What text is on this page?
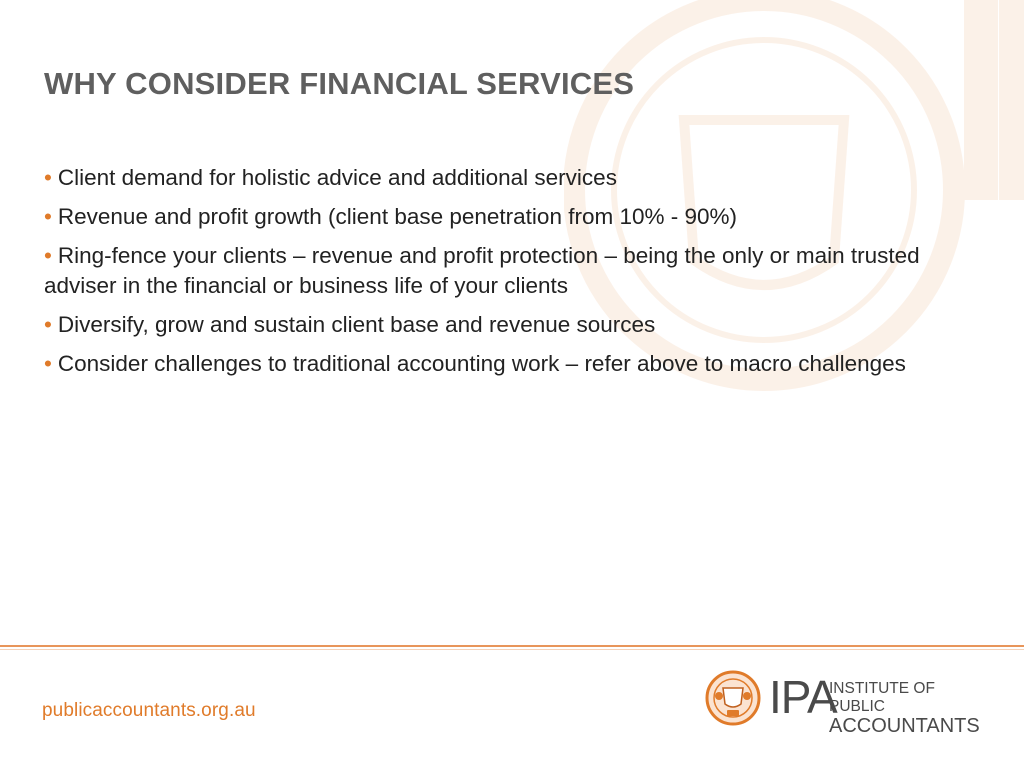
WHY CONSIDER FINANCIAL SERVICES
• Client demand for holistic advice and additional services
• Revenue and profit growth (client base penetration from 10% - 90%)
• Ring-fence your clients – revenue and profit protection – being the only or main trusted adviser in the financial or business life of your clients
• Diversify, grow and sustain client base and revenue sources
• Consider challenges to traditional accounting work – refer above to macro challenges
publicaccountants.org.au	IPA
INSTITUTE OF PUBLIC
ACCOUNTANTS
